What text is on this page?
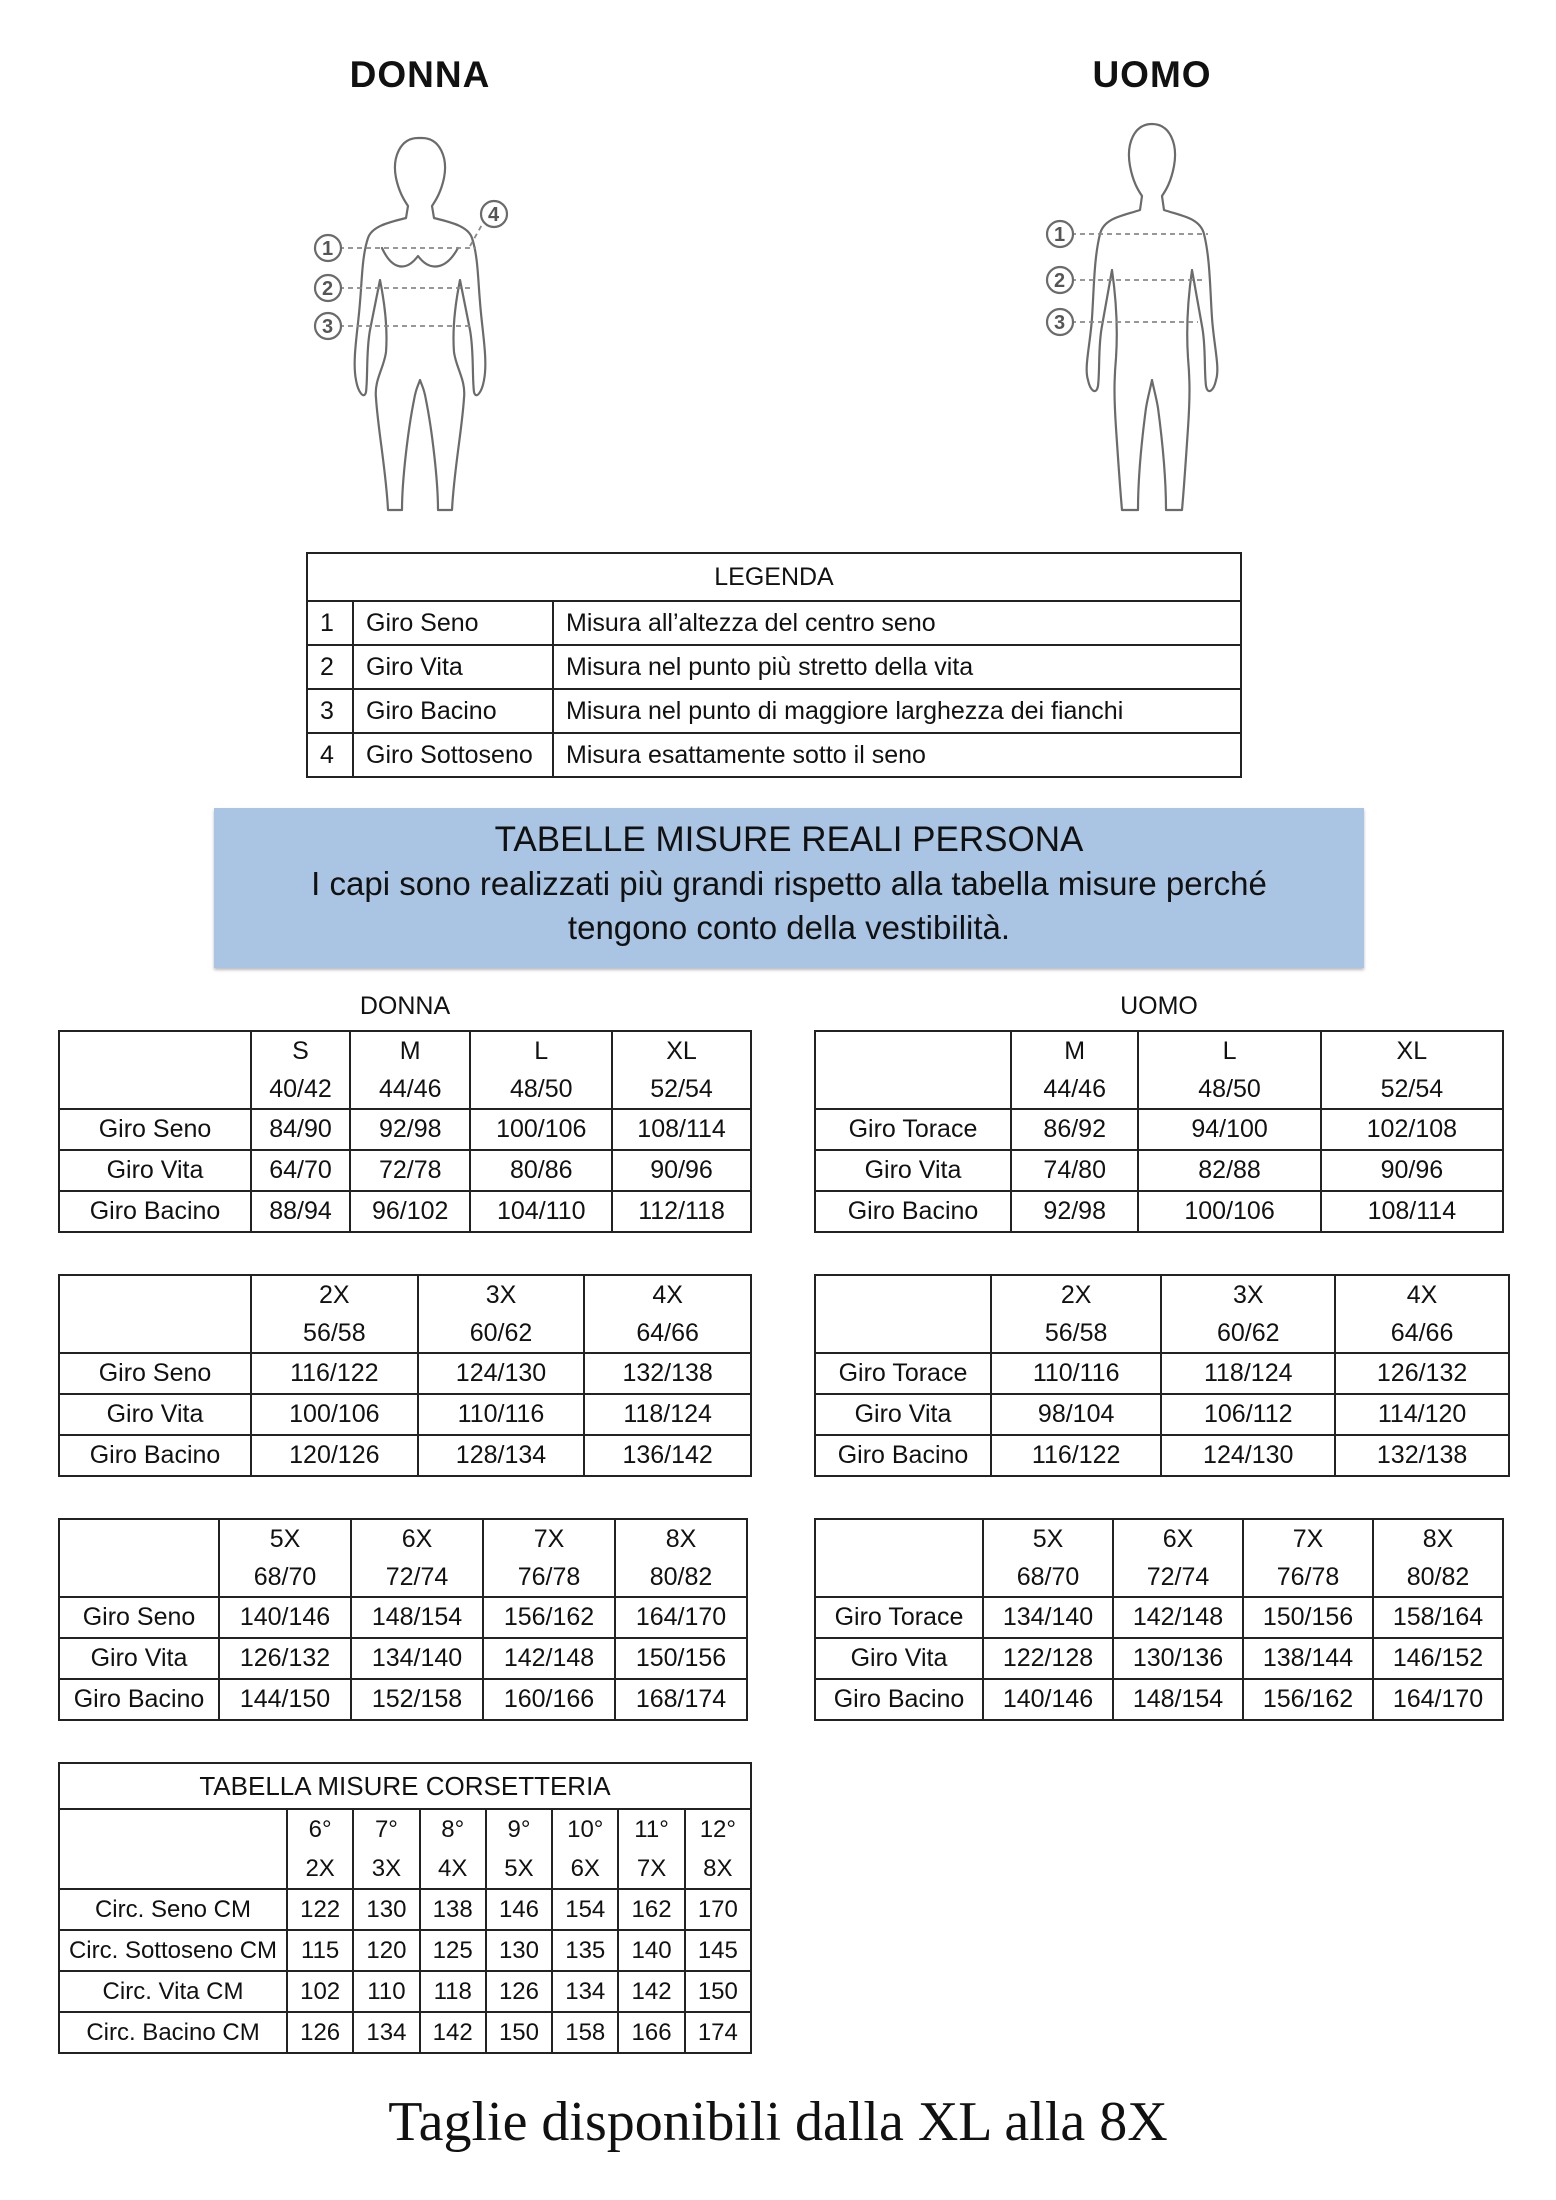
DONNA	UOMO
1
2
3
4
1
2
3
LEGENDA		
1	Giro Seno	Misura all’altezza del centro seno
2	Giro Vita	Misura nel punto più stretto della vita
3	Giro Bacino	Misura nel punto di maggiore larghezza dei fianchi
4	Giro Sottoseno	Misura esattamente sotto il seno
TABELLE MISURE REALI PERSONA
I capi sono realizzati più grandi rispetto alla tabella misure perché
tengono conto della vestibilità.
DONNA	UOMO
	S	M	L	XL
	40/42	44/46	48/50	52/54
Giro Seno	84/90	92/98	100/106	108/114
Giro Vita	64/70	72/78	80/86	90/96
Giro Bacino	88/94	96/102	104/110	112/118
	M	L	XL
	44/46	48/50	52/54
Giro Torace	86/92	94/100	102/108
Giro Vita	74/80	82/88	90/96
Giro Bacino	92/98	100/106	108/114
	2X	3X	4X
	56/58	60/62	64/66
Giro Seno	116/122	124/130	132/138
Giro Vita	100/106	110/116	118/124
Giro Bacino	120/126	128/134	136/142
	2X	3X	4X
	56/58	60/62	64/66
Giro Torace	110/116	118/124	126/132
Giro Vita	98/104	106/112	114/120
Giro Bacino	116/122	124/130	132/138
	5X	6X	7X	8X
	68/70	72/74	76/78	80/82
Giro Seno	140/146	148/154	156/162	164/170
Giro Vita	126/132	134/140	142/148	150/156
Giro Bacino	144/150	152/158	160/166	168/174
	5X	6X	7X	8X
	68/70	72/74	76/78	80/82
Giro Torace	134/140	142/148	150/156	158/164
Giro Vita	122/128	130/136	138/144	146/152
Giro Bacino	140/146	148/154	156/162	164/170
TABELLA MISURE CORSETTERIA							
	6°	7°	8°	9°	10°	11°	12°
	2X	3X	4X	5X	6X	7X	8X
Circ. Seno CM	122	130	138	146	154	162	170
Circ. Sottoseno CM	115	120	125	130	135	140	145
Circ. Vita CM	102	110	118	126	134	142	150
Circ. Bacino CM	126	134	142	150	158	166	174
Taglie disponibili dalla XL alla 8X
